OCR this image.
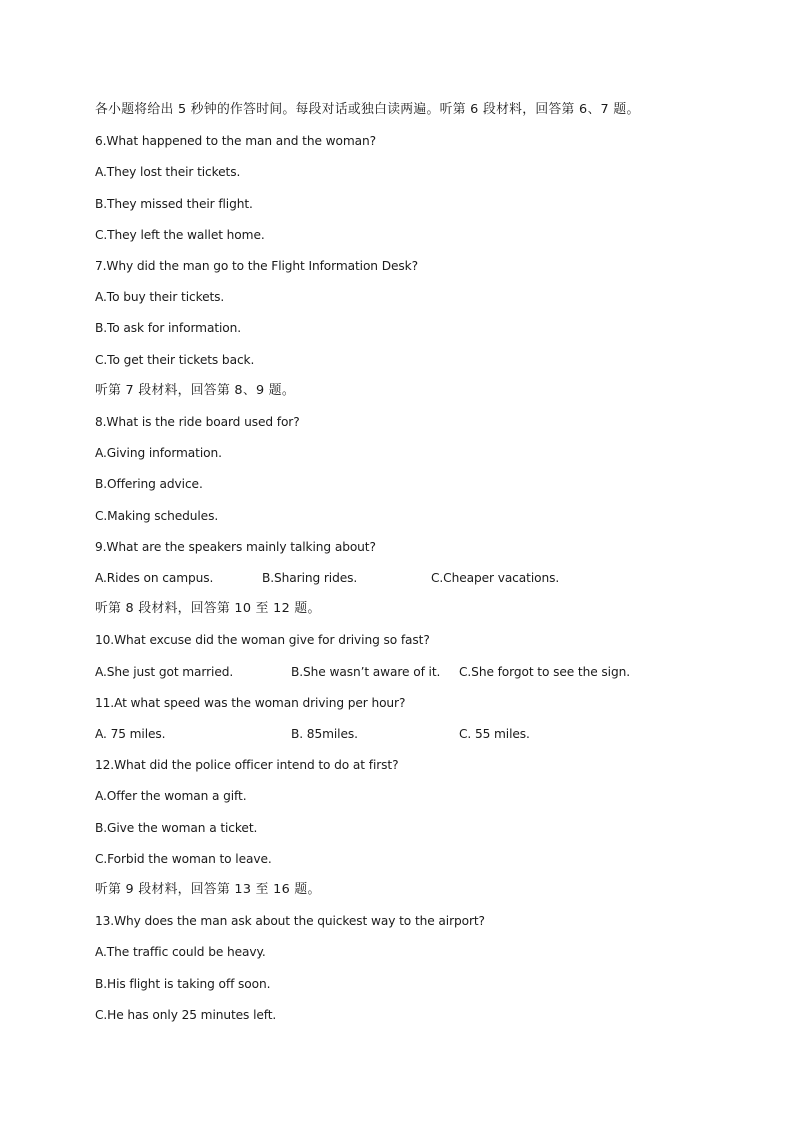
各小题将给出 5 秒钟的作答时间。每段对话或独白读两遍。听第 6 段材料，回答第 6、7 题。
6.What happened to the man and the woman?
A.They lost their tickets.
B.They missed their flight.
C.They left the wallet home.
7.Why did the man go to the Flight Information Desk?
A.To buy their tickets.
B.To ask for information.
C.To get their tickets back.
听第 7 段材料，回答第 8、9 题。
8.What is the ride board used for?
A.Giving information.
B.Offering advice.
C.Making schedules.
9.What are the speakers mainly talking about?
A.Rides on campus.	B.Sharing rides.	C.Cheaper vacations.
听第 8 段材料，回答第 10 至 12 题。
10.What excuse did the woman give for driving so fast?
A.She just got married.	B.She wasn’t aware of it. C.She forgot to see the sign.
11.At what speed was the woman driving per hour?
A. 75 miles.	B. 85miles.	C. 55 miles.
12.What did the police officer intend to do at first?
A.Offer the woman a gift.
B.Give the woman a ticket.
C.Forbid the woman to leave.
听第 9 段材料，回答第 13 至 16 题。
13.Why does the man ask about the quickest way to the airport?
A.The traffic could be heavy.
B.His flight is taking off soon.
C.He has only 25 minutes left.
